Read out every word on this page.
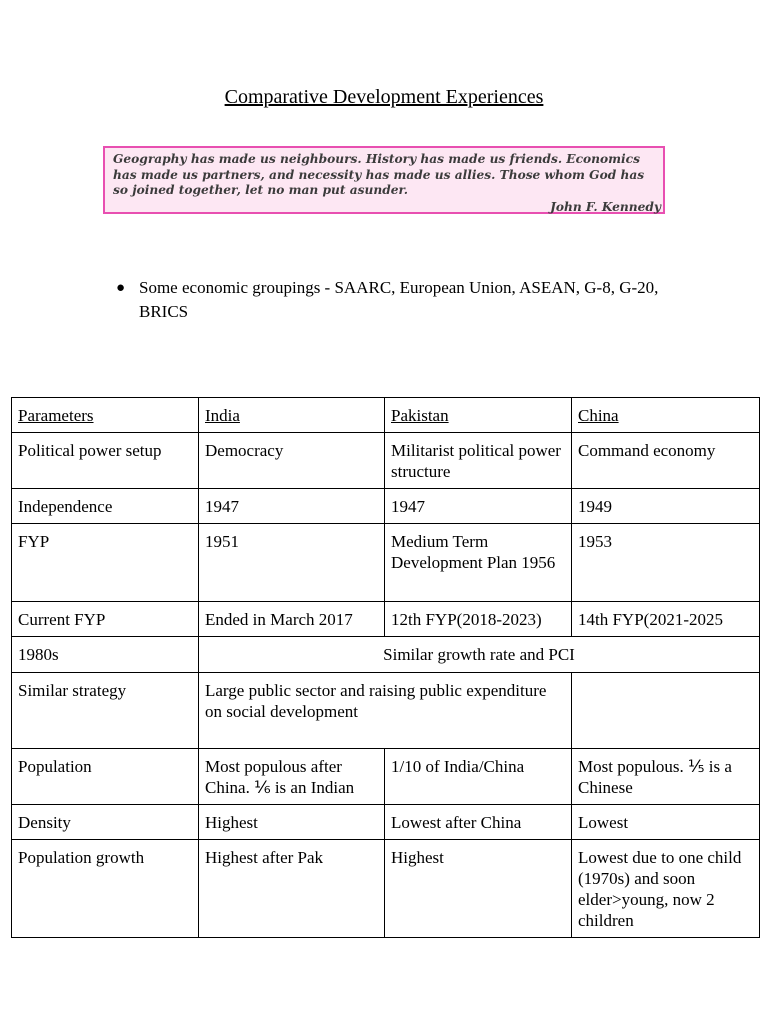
Comparative Development Experiences
Geography has made us neighbours. History has made us friends. Economics has made us partners, and necessity has made us allies. Those whom God has so joined together, let no man put asunder.
John F. Kennedy
● Some economic groupings - SAARC, European Union, ASEAN, G-8, G-20, BRICS
Parameters	India	Pakistan	China
Political power setup	Democracy	Militarist political power structure	Command economy
Independence	1947	1947	1949
FYP	1951	Medium Term Development Plan 1956	1953
Current FYP	Ended in March 2017	12th FYP(2018-2023)	14th FYP(2021-2025
1980s	Similar growth rate and PCI		
Similar strategy	Large public sector and raising public expenditure on social development		
Population	Most populous after China. ⅙ is an Indian	1/10 of India/China	Most populous. ⅕ is a Chinese
Density	Highest	Lowest after China	Lowest
Population growth	Highest after Pak	Highest	Lowest due to one child (1970s) and soon elder>young, now 2 children
